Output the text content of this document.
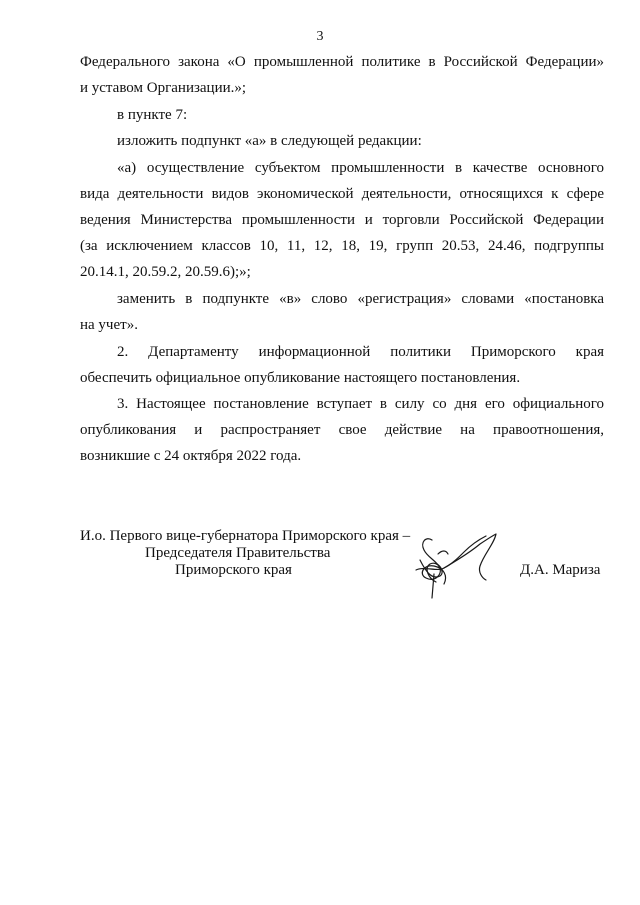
3
Федерального закона «О промышленной политике в Российской Федерации»
и уставом Организации.»;
в пункте 7:
изложить подпункт «а» в следующей редакции:
«а) осуществление субъектом промышленности в качестве основного
вида деятельности видов экономической деятельности, относящихся к сфере
ведения Министерства промышленности и торговли Российской Федерации
(за исключением классов 10, 11, 12, 18, 19, групп 20.53, 24.46, подгруппы
20.14.1, 20.59.2, 20.59.6);»;
заменить в подпункте «в» слово «регистрация» словами «постановка
на учет».
2. Департаменту информационной политики Приморского края
обеспечить официальное опубликование настоящего постановления.
3. Настоящее постановление вступает в силу со дня его официального
опубликования и распространяет свое действие на правоотношения,
возникшие с 24 октября 2022 года.
И.о. Первого вице-губернатора Приморского края –
Председателя Правительства
Приморского края	Д.А. Мариза
